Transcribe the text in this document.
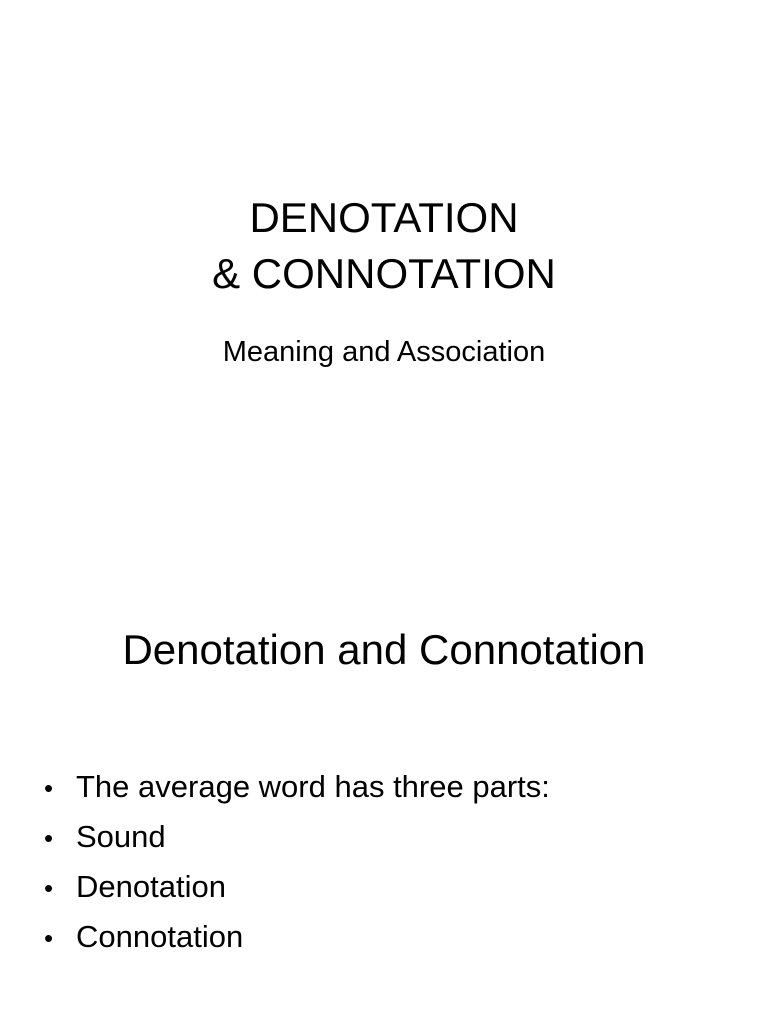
DENOTATION
& CONNOTATION
Meaning and Association
Denotation and Connotation
• The average word has three parts:
• Sound
• Denotation
• Connotation
